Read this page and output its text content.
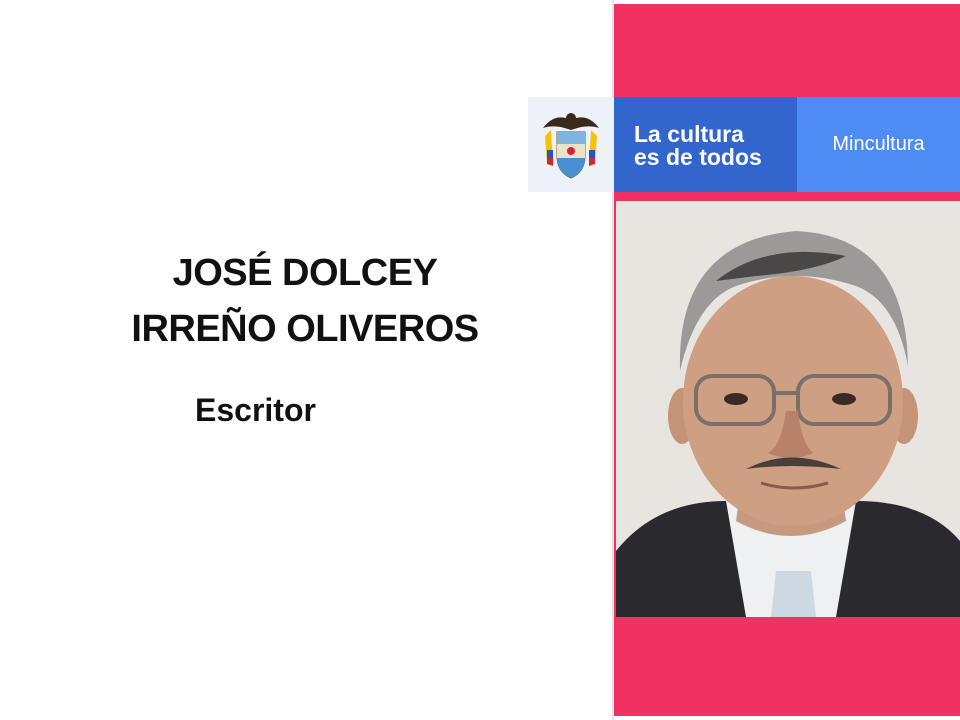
JOSÉ DOLCEY
IRREÑO OLIVEROS
Escritor
La cultura
es de todos	Mincultura
